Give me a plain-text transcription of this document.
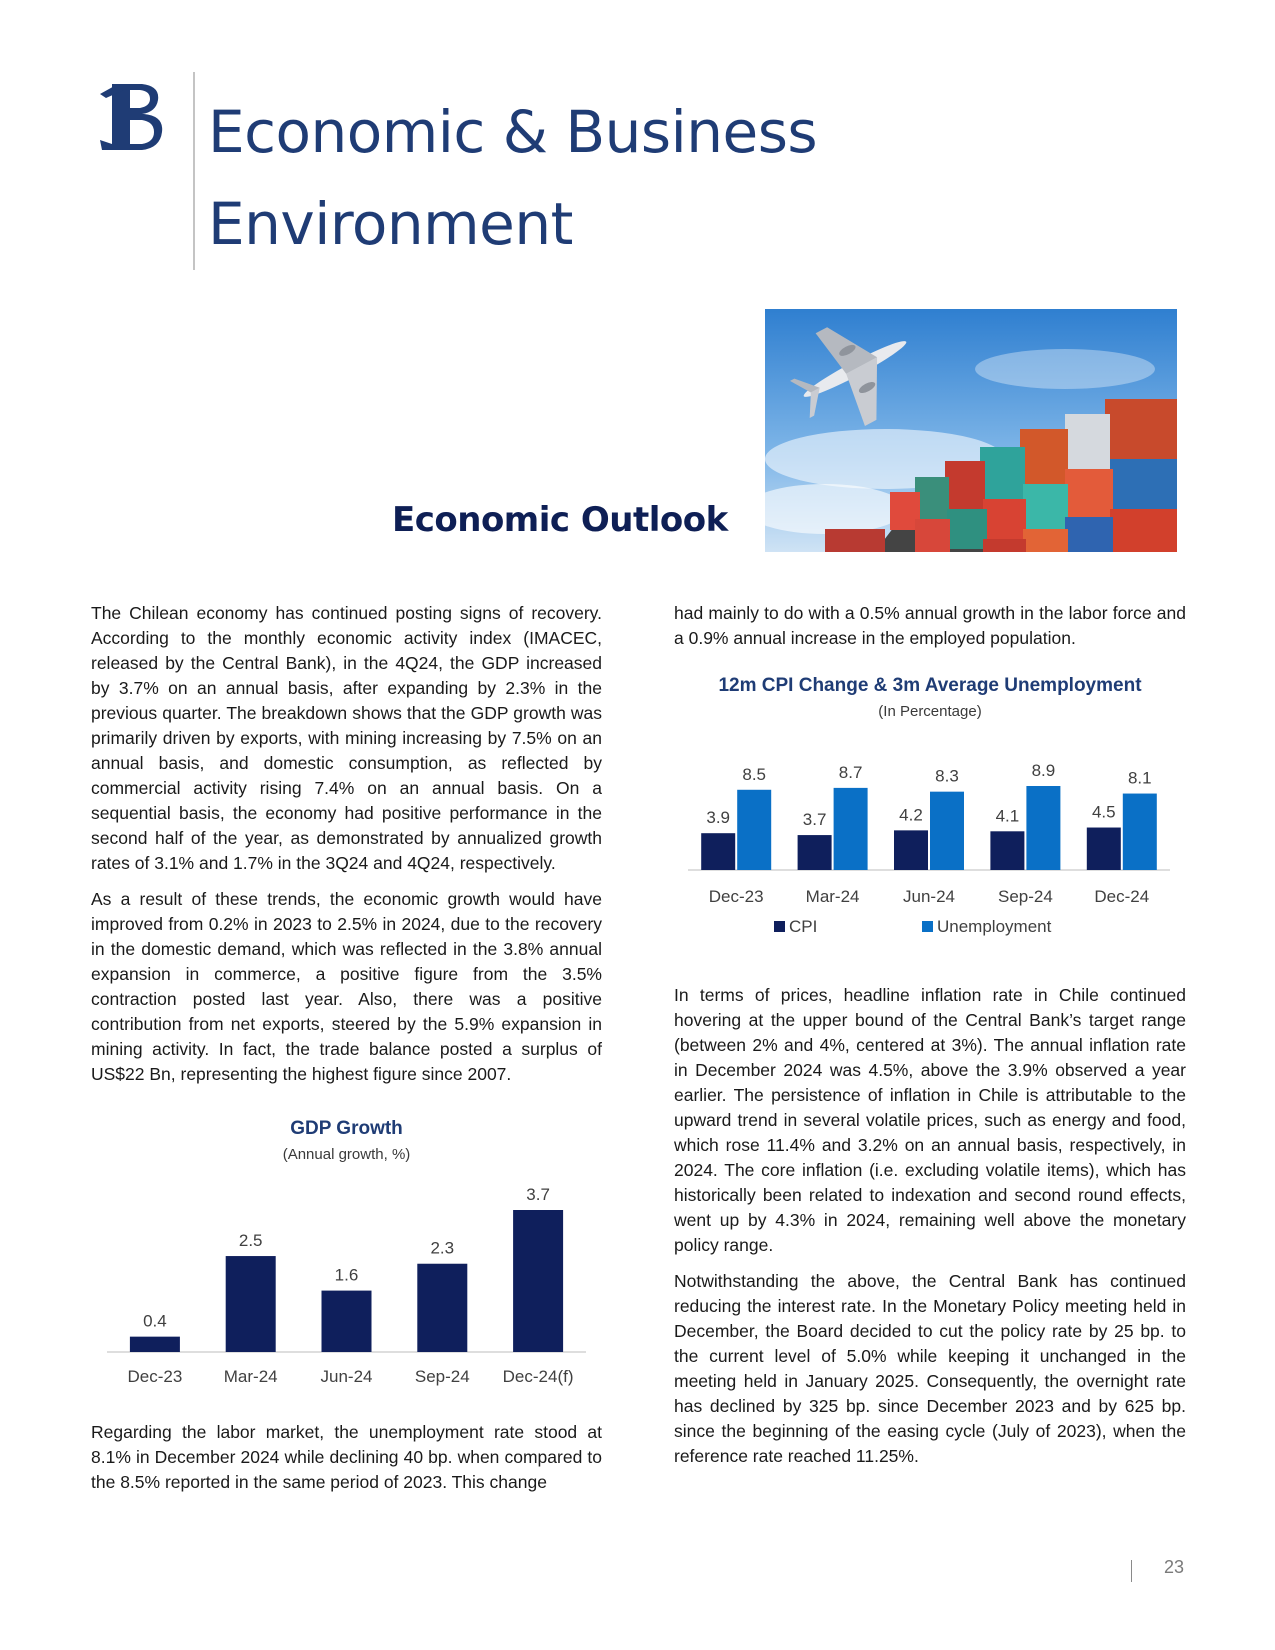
Economic & Business
Environment
Economic Outlook

The Chilean economy has continued posting signs of recovery. According to the monthly economic activity index (IMACEC, released by the Central Bank), in the 4Q24, the GDP increased by 3.7% on an annual basis, after expanding by 2.3% in the previous quarter. The breakdown shows that the GDP growth was primarily driven by exports, with mining increasing by 7.5% on an annual basis, and domestic consumption, as reflected by commercial activity rising 7.4% on an annual basis. On a sequential basis, the economy had positive performance in the second half of the year, as demonstrated by annualized growth rates of 3.1% and 1.7% in the 3Q24 and 4Q24, respectively.

As a result of these trends, the economic growth would have improved from 0.2% in 2023 to 2.5% in 2024, due to the recovery in the domestic demand, which was reflected in the 3.8% annual expansion in commerce, a positive figure from the 3.5% contraction posted last year. Also, there was a positive contribution from net exports, steered by the 5.9% expansion in mining activity. In fact, the trade balance posted a surplus of US$22 Bn, representing the highest figure since 2007.

GDP Growth
(Annual growth, %)
0.4
Dec-23
2.5
Mar-24
1.6
Jun-24
2.3
Sep-24
3.7
Dec-24(f)

Regarding the labor market, the unemployment rate stood at 8.1% in December 2024 while declining 40 bp. when compared to the 8.5% reported in the same period of 2023. This change

had mainly to do with a 0.5% annual growth in the labor force and a 0.9% annual increase in the employed population.

12m CPI Change & 3m Average Unemployment
(In Percentage)
3.9
8.5
Dec-23
3.7
8.7
Mar-24
4.2
8.3
Jun-24
4.1
8.9
Sep-24
4.5
8.1
Dec-24
CPI	Unemployment

In terms of prices, headline inflation rate in Chile continued hovering at the upper bound of the Central Bank’s target range (between 2% and 4%, centered at 3%). The annual inflation rate in December 2024 was 4.5%, above the 3.9% observed a year earlier. The persistence of inflation in Chile is attributable to the upward trend in several volatile prices, such as energy and food, which rose 11.4% and 3.2% on an annual basis, respectively, in 2024. The core inflation (i.e. excluding volatile items), which has historically been related to indexation and second round effects, went up by 4.3% in 2024, remaining well above the monetary policy range.

Notwithstanding the above, the Central Bank has continued reducing the interest rate. In the Monetary Policy meeting held in December, the Board decided to cut the policy rate by 25 bp. to the current level of 5.0% while keeping it unchanged in the meeting held in January 2025. Consequently, the overnight rate has declined by 325 bp. since December 2023 and by 625 bp. since the beginning of the easing cycle (July of 2023), when the reference rate reached 11.25%.

23
